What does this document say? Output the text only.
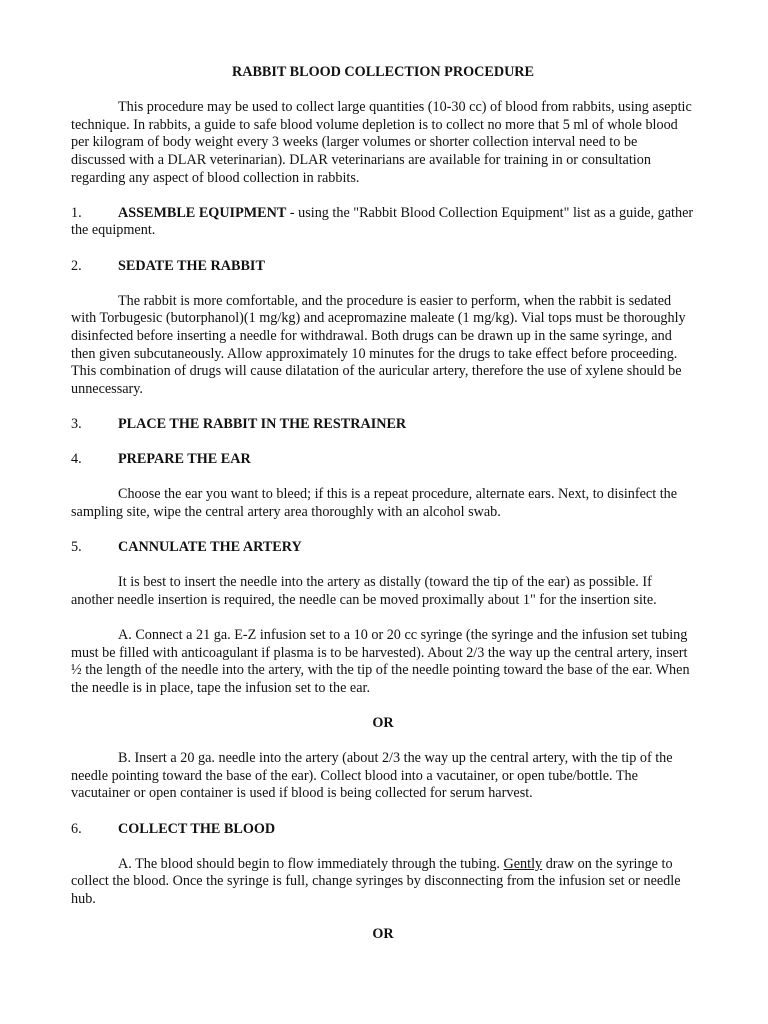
RABBIT BLOOD COLLECTION PROCEDURE

This procedure may be used to collect large quantities (10-30 cc) of blood from rabbits, using aseptic technique. In rabbits, a guide to safe blood volume depletion is to collect no more that 5 ml of whole blood per kilogram of body weight every 3 weeks (larger volumes or shorter collection interval need to be discussed with a DLAR veterinarian). DLAR veterinarians are available for training in or consultation regarding any aspect of blood collection in rabbits.

1.	ASSEMBLE EQUIPMENT - using the "Rabbit Blood Collection Equipment" list as a guide, gather the equipment.
2.	SEDATE THE RABBIT

The rabbit is more comfortable, and the procedure is easier to perform, when the rabbit is sedated with Torbugesic (butorphanol)(1 mg/kg) and acepromazine maleate (1 mg/kg). Vial tops must be thoroughly disinfected before inserting a needle for withdrawal. Both drugs can be drawn up in the same syringe, and then given subcutaneously. Allow approximately 10 minutes for the drugs to take effect before proceeding. This combination of drugs will cause dilatation of the auricular artery, therefore the use of xylene should be unnecessary.

3.	PLACE THE RABBIT IN THE RESTRAINER
4.	PREPARE THE EAR

Choose the ear you want to bleed; if this is a repeat procedure, alternate ears. Next, to disinfect the sampling site, wipe the central artery area thoroughly with an alcohol swab.

5.	CANNULATE THE ARTERY

It is best to insert the needle into the artery as distally (toward the tip of the ear) as possible. If another needle insertion is required, the needle can be moved proximally about 1" for the insertion site.

A. Connect a 21 ga. E-Z infusion set to a 10 or 20 cc syringe (the syringe and the infusion set tubing must be filled with anticoagulant if plasma is to be harvested). About 2/3 the way up the central artery, insert ½ the length of the needle into the artery, with the tip of the needle pointing toward the base of the ear. When the needle is in place, tape the infusion set to the ear.

OR

B. Insert a 20 ga. needle into the artery (about 2/3 the way up the central artery, with the tip of the needle pointing toward the base of the ear). Collect blood into a vacutainer, or open tube/bottle. The vacutainer or open container is used if blood is being collected for serum harvest.

6.	COLLECT THE BLOOD

A. The blood should begin to flow immediately through the tubing. Gently draw on the syringe to collect the blood. Once the syringe is full, change syringes by disconnecting from the infusion set or needle hub.

OR
